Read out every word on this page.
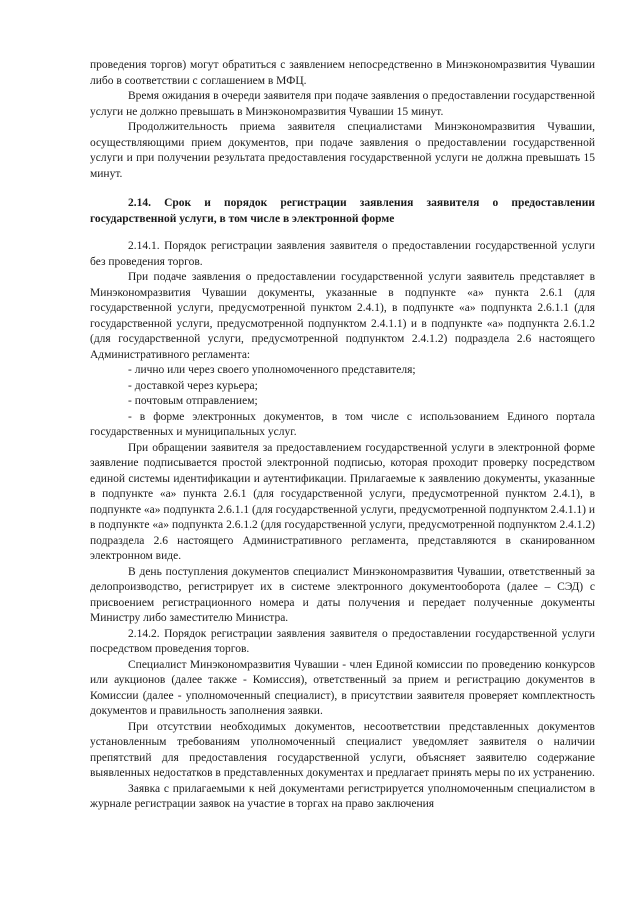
проведения торгов) могут обратиться с заявлением непосредственно в Минэкономразвития Чувашии либо в соответствии с соглашением в МФЦ.

Время ожидания в очереди заявителя при подаче заявления о предоставлении государственной услуги не должно превышать в Минэкономразвития Чувашии 15 минут.

Продолжительность приема заявителя специалистами Минэкономразвития Чувашии, осуществляющими прием документов, при подаче заявления о предоставлении государственной услуги и при получении результата предоставления государственной услуги не должна превышать 15 минут.

2.14. Срок и порядок регистрации заявления заявителя о предоставлении государственной услуги, в том числе в электронной форме

2.14.1. Порядок регистрации заявления заявителя о предоставлении государственной услуги без проведения торгов.

При подаче заявления о предоставлении государственной услуги заявитель представляет в Минэкономразвития Чувашии документы, указанные в подпункте «а» пункта 2.6.1 (для государственной услуги, предусмотренной пунктом 2.4.1), в подпункте «а» подпункта 2.6.1.1 (для государственной услуги, предусмотренной подпунктом 2.4.1.1) и в подпункте «а» подпункта 2.6.1.2 (для государственной услуги, предусмотренной подпунктом 2.4.1.2) подраздела 2.6 настоящего Административного регламента:

- лично или через своего уполномоченного представителя;

- доставкой через курьера;

- почтовым отправлением;

- в форме электронных документов, в том числе с использованием Единого портала государственных и муниципальных услуг.

При обращении заявителя за предоставлением государственной услуги в электронной форме заявление подписывается простой электронной подписью, которая проходит проверку посредством единой системы идентификации и аутентификации. Прилагаемые к заявлению документы, указанные в подпункте «а» пункта 2.6.1 (для государственной услуги, предусмотренной пунктом 2.4.1), в подпункте «а» подпункта 2.6.1.1 (для государственной услуги, предусмотренной подпунктом 2.4.1.1) и в подпункте «а» подпункта 2.6.1.2 (для государственной услуги, предусмотренной подпунктом 2.4.1.2) подраздела 2.6 настоящего Административного регламента, представляются в сканированном электронном виде.

В день поступления документов специалист Минэкономразвития Чувашии, ответственный за делопроизводство, регистрирует их в системе электронного документооборота (далее – СЭД) с присвоением регистрационного номера и даты получения и передает полученные документы Министру либо заместителю Министра.

2.14.2. Порядок регистрации заявления заявителя о предоставлении государственной услуги посредством проведения торгов.

Специалист Минэкономразвития Чувашии - член Единой комиссии по проведению конкурсов или аукционов (далее также - Комиссия), ответственный за прием и регистрацию документов в Комиссии (далее - уполномоченный специалист), в присутствии заявителя проверяет комплектность документов и правильность заполнения заявки.

При отсутствии необходимых документов, несоответствии представленных документов установленным требованиям уполномоченный специалист уведомляет заявителя о наличии препятствий для предоставления государственной услуги, объясняет заявителю содержание выявленных недостатков в представленных документах и предлагает принять меры по их устранению.

Заявка с прилагаемыми к ней документами регистрируется уполномоченным специалистом в журнале регистрации заявок на участие в торгах на право заключения
